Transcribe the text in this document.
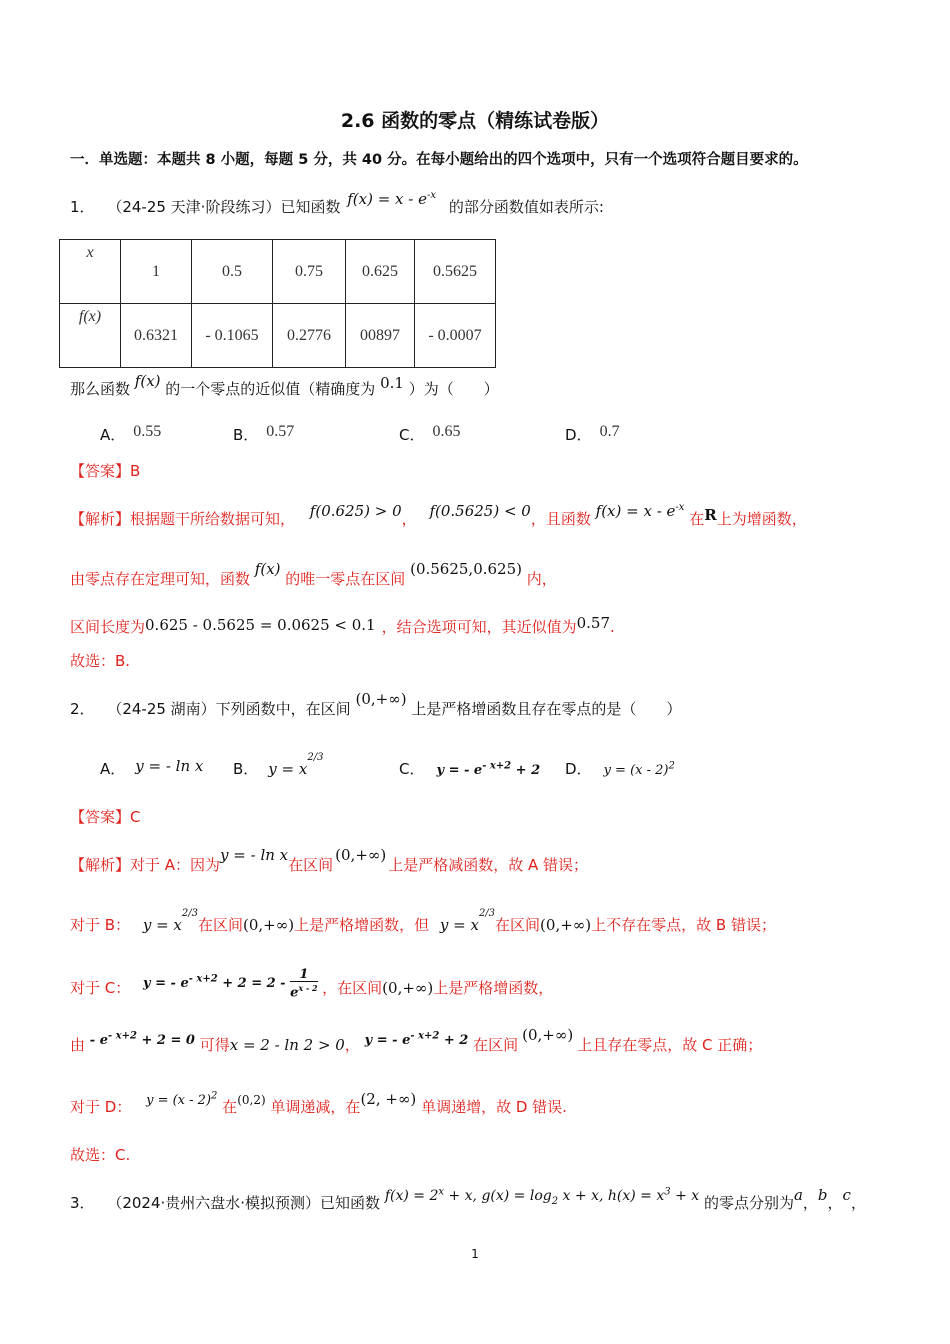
2.6 函数的零点（精练试卷版）
一．单选题：本题共 8 小题，每题 5 分，共 40 分。在每小题给出的四个选项中，只有一个选项符合题目要求的。
1． （24-25 天津·阶段练习）已知函数 $f(x) = x - e^{-x}$ 的部分函数值如表所示:
x	1	0.5	0.75	0.625	0.5625
f(x)	0.6321	- 0.1065	0.2776	00897	- 0.0007
那么函数 f(x) 的一个零点的近似值（精确度为 0.1 ）为（　　）
A． 0.55	B． 0.57	C． 0.65	D． 0.7
【答案】B
【解析】根据题干所给数据可知， f(0.625) > 0， f(0.5625) < 0，且函数 $f(x) = x - e^{-x}$ 在R上为增函数，
由零点存在定理可知，函数 f(x) 的唯一零点在区间 (0.5625,0.625) 内，
区间长度为0.625 - 0.5625 = 0.0625 < 0.1 ，结合选项可知，其近似值为0.57.
故选：B.
2． （24-25 湖南）下列函数中，在区间 (0,+∞) 上是严格增函数且存在零点的是（　　）
A． y = - ln x B． $y = x^{2/3}$
C． y = - $e^{- x+2} + 2$ D． y = (x - 2)$^2$
【答案】C
【解析】对于 A：因为y = - ln x在区间(0,+∞)上是严格减函数，故 A 错误；
对于 B： $y = x^{2/3}$在区间(0,+∞)上是严格增函数，但 $y = x^{2/3}$在区间(0,+∞)上不存在零点，故 B 错误；
对于 C： y = - $e^{- x+2} + 2 = 2 - \frac{1}{e^{x - 2}}$ ，在区间(0,+∞)上是严格增函数，
由 - $e^{- x+2} + 2 = 0$ 可得x = 2 - ln 2 > 0， y = - $e^{- x+2} + 2$ 在区间(0,+∞)上且存在零点，故 C 正确；
对于 D： y = (x - 2)$^2$ 在$^{(0,2)}$ 单调递减，在(2, +∞) 单调递增，故 D 错误.
故选：C.
3． （2024·贵州六盘水·模拟预测）已知函数 $f(x) = 2^x + x$, $g(x) = \log_2 x + x$, $h(x) = x^3 + x$ 的零点分别为a，b，c，
1
